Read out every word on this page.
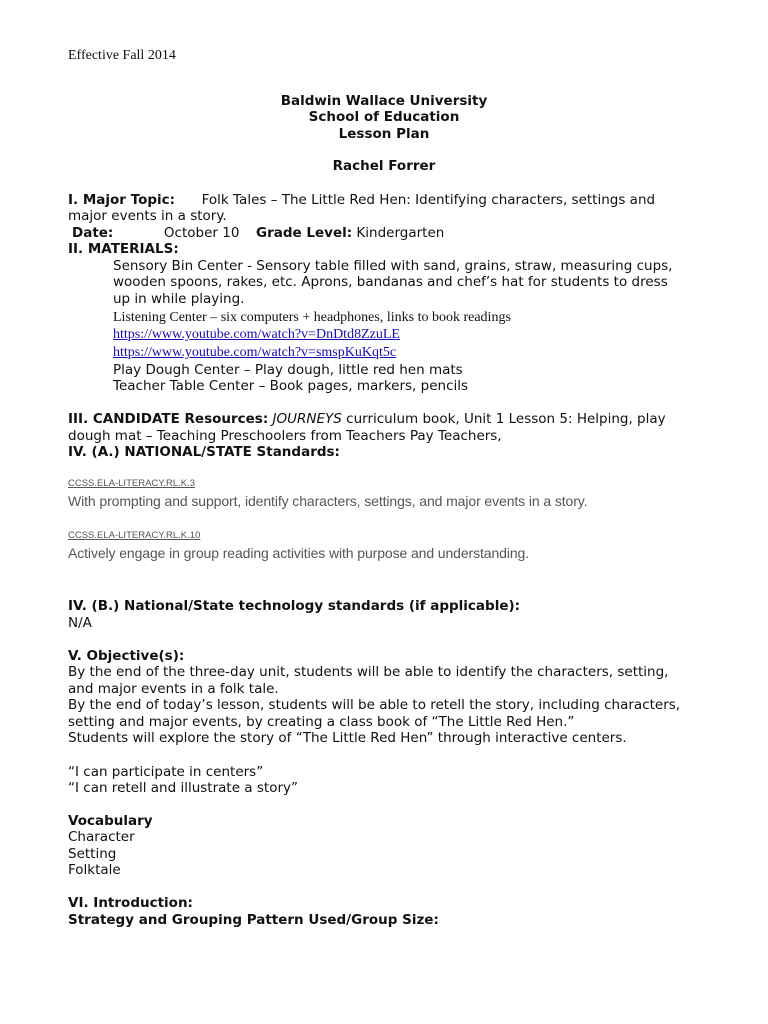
Effective Fall 2014
Baldwin Wallace University
School of Education
Lesson Plan
Rachel Forrer
I. Major Topic: Folk Tales – The Little Red Hen: Identifying characters, settings and
major events in a story.
Date:	October 10 Grade Level: Kindergarten
II. MATERIALS:
Sensory Bin Center - Sensory table filled with sand, grains, straw, measuring cups,
wooden spoons, rakes, etc. Aprons, bandanas and chef’s hat for students to dress
up in while playing.
Listening Center – six computers + headphones, links to book readings
https://www.youtube.com/watch?v=DnDtd8ZzuLE
https://www.youtube.com/watch?v=smspKuKqt5c
Play Dough Center – Play dough, little red hen mats
Teacher Table Center – Book pages, markers, pencils
III. CANDIDATE Resources: JOURNEYS curriculum book, Unit 1 Lesson 5: Helping, play
dough mat – Teaching Preschoolers from Teachers Pay Teachers,
IV. (A.) NATIONAL/STATE Standards:
CCSS.ELA-LITERACY.RL.K.3
With prompting and support, identify characters, settings, and major events in a story.
CCSS.ELA-LITERACY.RL.K.10
Actively engage in group reading activities with purpose and understanding.
IV. (B.) National/State technology standards (if applicable):
N/A
V. Objective(s):
By the end of the three-day unit, students will be able to identify the characters, setting,
and major events in a folk tale.
By the end of today’s lesson, students will be able to retell the story, including characters,
setting and major events, by creating a class book of “The Little Red Hen.”
Students will explore the story of “The Little Red Hen” through interactive centers.
“I can participate in centers”
“I can retell and illustrate a story”
Vocabulary
Character
Setting
Folktale
VI. Introduction:
Strategy and Grouping Pattern Used/Group Size:
